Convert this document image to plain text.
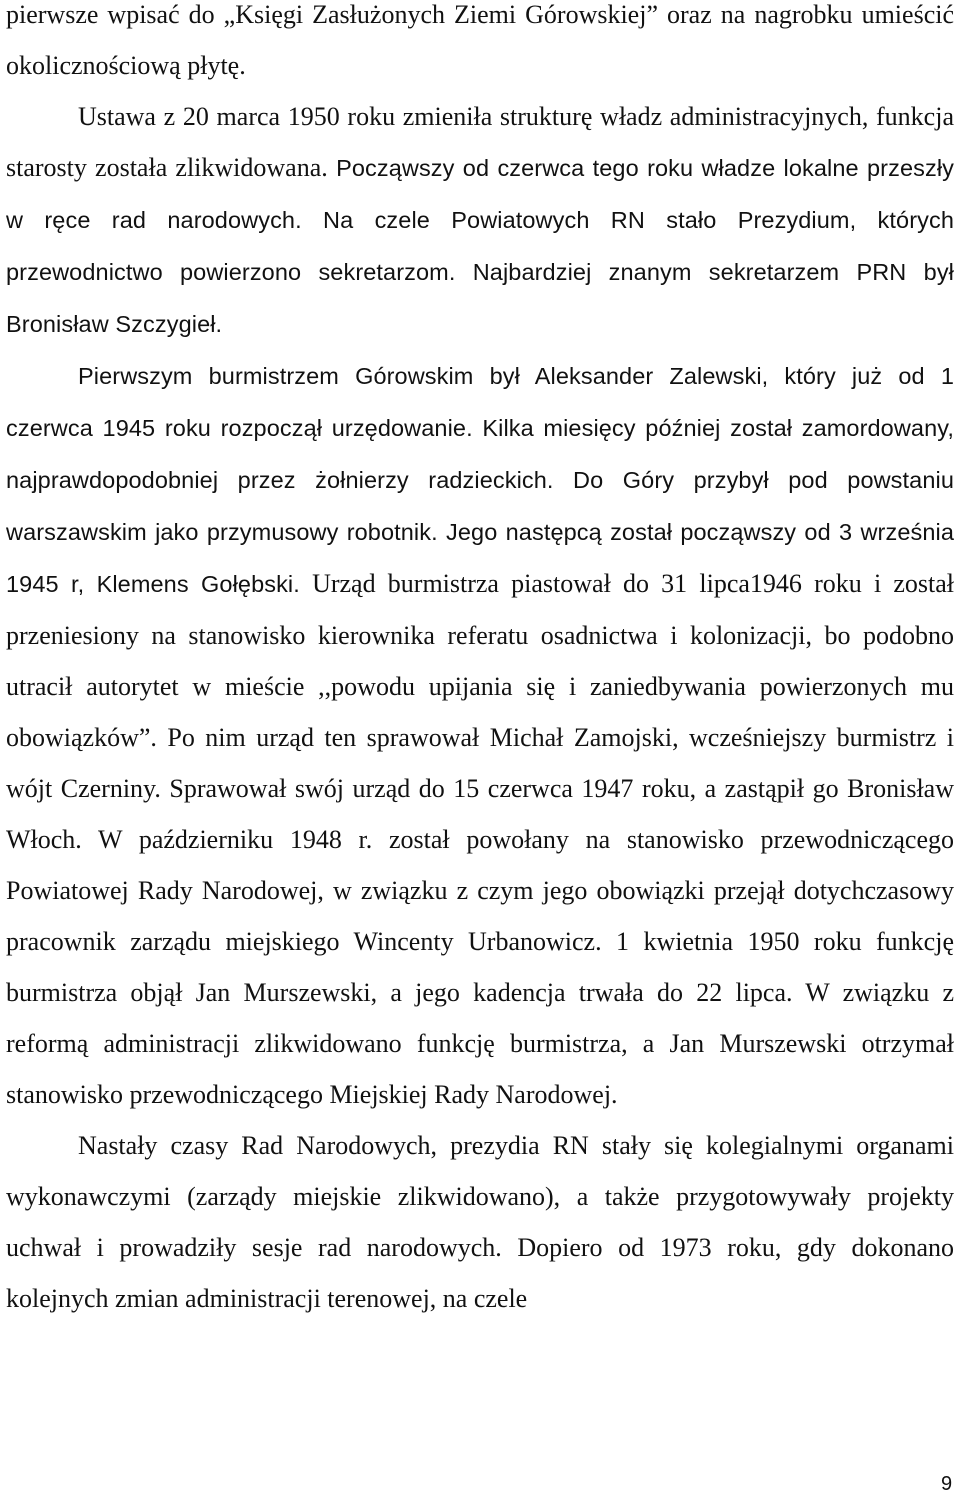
pierwsze wpisać do „Księgi Zasłużonych Ziemi Górowskiej” oraz na nagrobku umieścić okolicznościową płytę.

Ustawa z 20 marca 1950 roku zmieniła strukturę władz administracyjnych, funkcja starosty została zlikwidowana. Począwszy od czerwca tego roku władze lokalne przeszły w ręce rad narodowych. Na czele Powiatowych RN stało Prezydium, których przewodnictwo powierzono sekretarzom. Najbardziej znanym sekretarzem PRN był Bronisław Szczygieł.

Pierwszym burmistrzem Górowskim był Aleksander Zalewski, który już od 1 czerwca 1945 roku rozpoczął urzędowanie. Kilka miesięcy później został zamordowany, najprawdopodobniej przez żołnierzy radzieckich. Do Góry przybył pod powstaniu warszawskim jako przymusowy robotnik. Jego następcą został począwszy od 3 września 1945 r, Klemens Gołębski. Urząd burmistrza piastował do 31 lipca1946 roku i został przeniesiony na stanowisko kierownika referatu osadnictwa i kolonizacji, bo podobno utracił autorytet w mieście ,,powodu upijania się i zaniedbywania powierzonych mu obowiązków”. Po nim urząd ten sprawował Michał Zamojski, wcześniejszy burmistrz i wójt Czerniny. Sprawował swój urząd do 15 czerwca 1947 roku, a zastąpił go Bronisław Włoch. W październiku 1948 r. został powołany na stanowisko przewodniczącego Powiatowej Rady Narodowej, w związku z czym jego obowiązki przejął dotychczasowy pracownik zarządu miejskiego Wincenty Urbanowicz. 1 kwietnia 1950 roku funkcję burmistrza objął Jan Murszewski, a jego kadencja trwała do 22 lipca. W związku z reformą administracji zlikwidowano funkcję burmistrza, a Jan Murszewski otrzymał stanowisko przewodniczącego Miejskiej Rady Narodowej.

Nastały czasy Rad Narodowych, prezydia RN stały się kolegialnymi organami wykonawczymi (zarządy miejskie zlikwidowano), a także przygotowywały projekty uchwał i prowadziły sesje rad narodowych. Dopiero od 1973 roku, gdy dokonano kolejnych zmian administracji terenowej, na czele

9
